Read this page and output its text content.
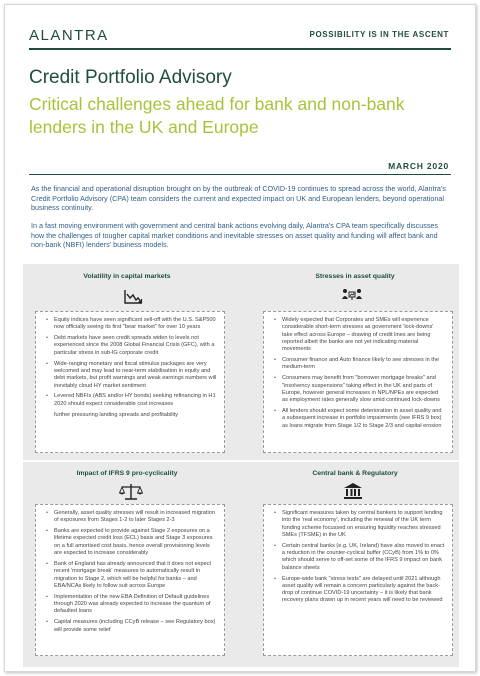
ALANTRA	POSSIBILITY IS IN THE ASCENT
Credit Portfolio Advisory
Critical challenges ahead for bank and non-bank lenders in the UK and Europe
MARCH 2020

As the financial and operational disruption brought on by the outbreak of COVID-19 continues to spread across the world, Alantra's Credit Portfolio Advisory (CPA) team considers the current and expected impact on UK and European lenders, beyond operational business continuity.

In a fast moving environment with government and central bank actions evolving daily, Alantra's CPA team specifically discusses how the challenges of tougher capital market conditions and inevitable stresses on asset quality and funding will affect bank and non-bank (NBFI) lenders' business models.

Volatility in capital markets	Stresses in asset quality
• Equity indices have seen significant sell-off with the U.S. S&P500 now officially seeing its first "bear market" for over 10 years
• Debt markets have seen credit spreads widen to levels not experienced since the 2008 Global Financial Crisis (GFC), with a particular stress in sub-IG corporate credit
• Wide-ranging monetary and fiscal stimulus packages are very welcomed and may lead to near-term stabilisation in equity and debt markets, but profit warnings and weak earnings numbers will inevitably cloud HY market sentiment
• Levered NBFIs (ABS and/or HY bonds) seeking refinancing in H1 2020 should expect considerable cost increases
further pressuring landing spreads and profitability
• Widely expected that Corporates and SMEs will experience considerable short-term stresses as government 'lock-downs' take effect across Europe – drawing of credit lines are being reported albeit the banks are not yet indicating material movements
• Consumer finance and Auto finance likely to see stresses in the medium-term
• Consumers may benefit from "borrower mortgage breaks" and "insolvency suspensions" taking effect in the UK and parts of Europe, however general increases in NPL/NPEs are expected as employment rates generally slow amid continued lock-downs
• All lenders should expect some deterioration in asset quality and a subsequent increase in portfolio impairments (see IFRS 9 box) as loans migrate from Stage 1/2 to Stage 2/3 and capital erosion
Impact of IFRS 9 pro-cyclicality	Central bank & Regulatory
• Generally, asset quality stresses will result in increased migration of exposures from Stages 1-2 to later Stages 2-3
• Banks are expected to provide against Stage 2 exposures on a lifetime expected credit loss (ECL) basis and Stage 3 exposures on a full amortised cost basis, hence overall provisioning levels are expected to increase considerably
• Bank of England has already announced that it does not expect recent 'mortgage break' measures to automatically result in migration to Stage 2, which will be helpful for banks – and EBA/NCAs likely to follow suit across Europe
• Implementation of the new EBA Definition of Default guidelines through 2020 was already expected to increase the quantum of defaulted loans
• Capital measures (including CCyB release – see Regulatory box) will provide some relief
• Significant measures taken by central bankers to support lending into the 'real economy', including the renewal of the UK term funding scheme focussed on ensuring liquidity reaches stressed SMEs (TFSME) in the UK
• Certain central banks (e.g. UK, Ireland) have also moved to enact a reduction in the counter-cyclical buffer (CCyB) from 1% to 0% which should serve to off-set some of the IFRS 9 impact on bank balance sheets
• Europe-wide bank "stress tests" are delayed until 2021 although asset quality will remain a concern particularly against the back-drop of continue COVID-19 uncertainty – it is likely that bank recovery plans drawn up in recent years will need to be reviewed
